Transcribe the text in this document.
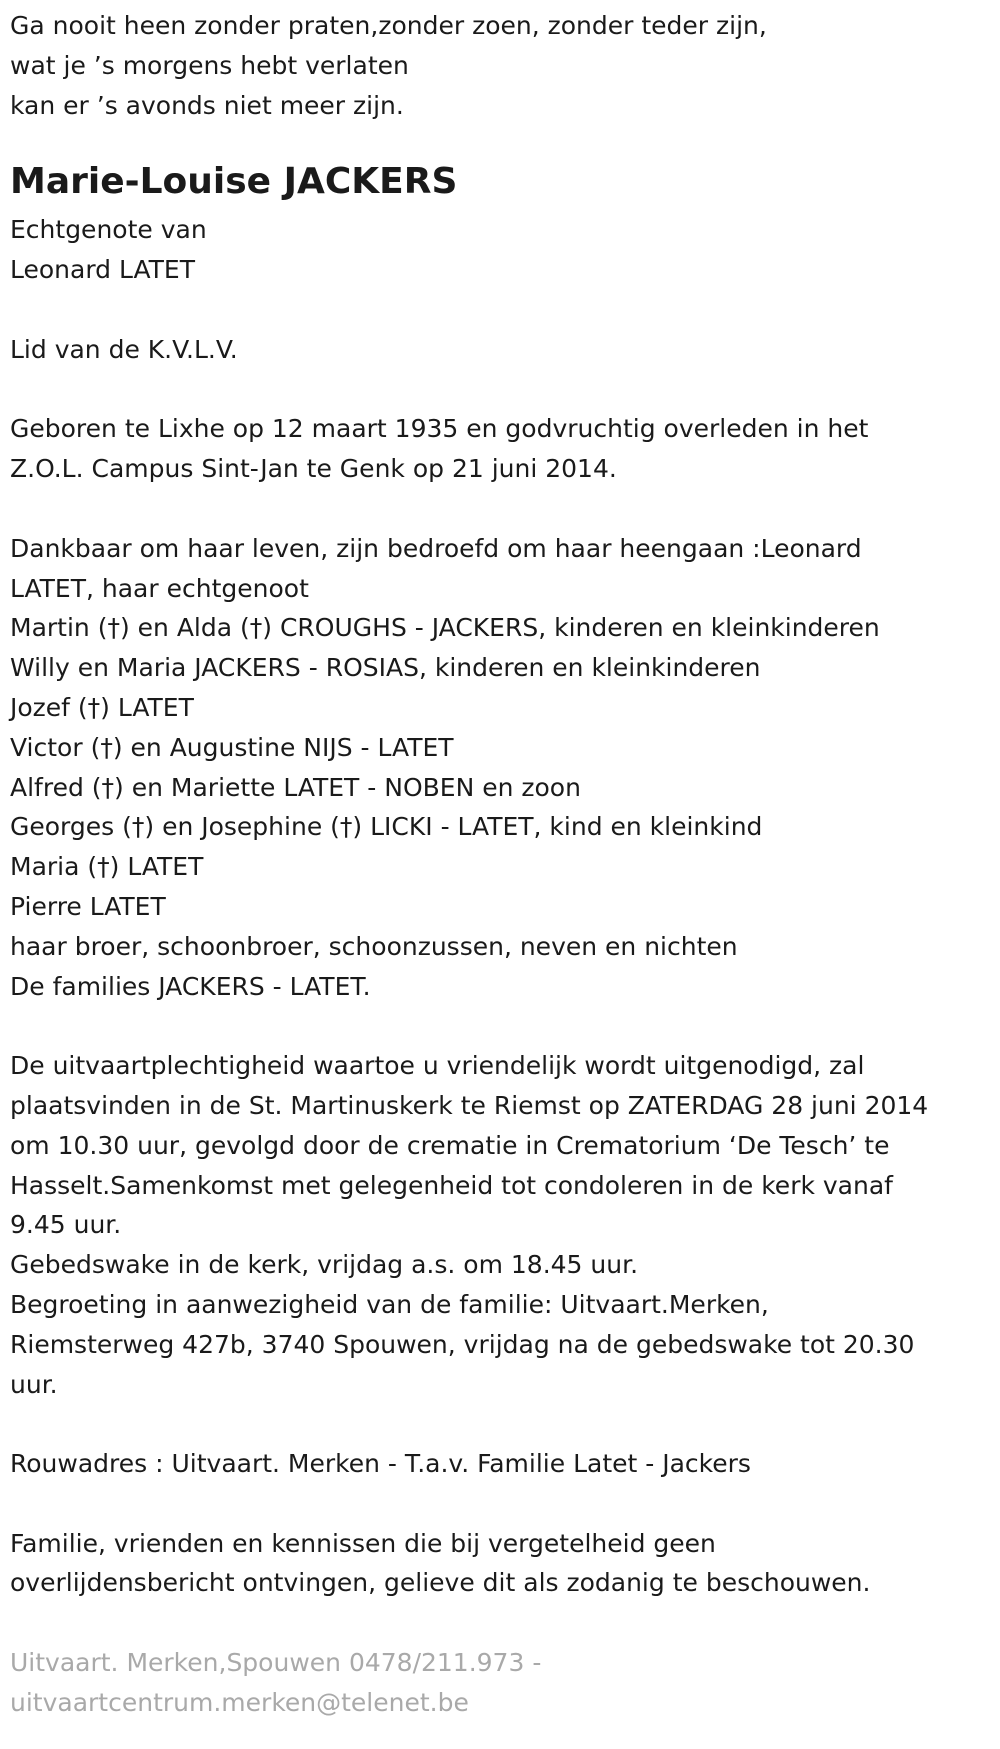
Ga nooit heen zonder praten,zonder zoen, zonder teder zijn,

wat je ’s morgens hebt verlaten

kan er ’s avonds niet meer zijn.

Marie-Louise JACKERS

Echtgenote van

Leonard LATET

Lid van de K.V.L.V.

Geboren te Lixhe op 12 maart 1935 en godvruchtig overleden in het

Z.O.L. Campus Sint-Jan te Genk op 21 juni 2014.

Dankbaar om haar leven, zijn bedroefd om haar heengaan :Leonard

LATET, haar echtgenoot

Martin (†) en Alda (†) CROUGHS - JACKERS, kinderen en kleinkinderen

Willy en Maria JACKERS - ROSIAS, kinderen en kleinkinderen

Jozef (†) LATET

Victor (†) en Augustine NIJS - LATET

Alfred (†) en Mariette LATET - NOBEN en zoon

Georges (†) en Josephine (†) LICKI - LATET, kind en kleinkind

Maria (†) LATET

Pierre LATET

haar broer, schoonbroer, schoonzussen, neven en nichten

De families JACKERS - LATET.

De uitvaartplechtigheid waartoe u vriendelijk wordt uitgenodigd, zal

plaatsvinden in de St. Martinuskerk te Riemst op ZATERDAG 28 juni 2014

om 10.30 uur, gevolgd door de crematie in Crematorium ‘De Tesch’ te

Hasselt.Samenkomst met gelegenheid tot condoleren in de kerk vanaf

9.45 uur.

Gebedswake in de kerk, vrijdag a.s. om 18.45 uur.

Begroeting in aanwezigheid van de familie: Uitvaart.Merken,

Riemsterweg 427b, 3740 Spouwen, vrijdag na de gebedswake tot 20.30

uur.

Rouwadres : Uitvaart. Merken - T.a.v. Familie Latet - Jackers

Familie, vrienden en kennissen die bij vergetelheid geen

overlijdensbericht ontvingen, gelieve dit als zodanig te beschouwen.

Uitvaart. Merken,Spouwen 0478/211.973 -

uitvaartcentrum.merken@telenet.be
